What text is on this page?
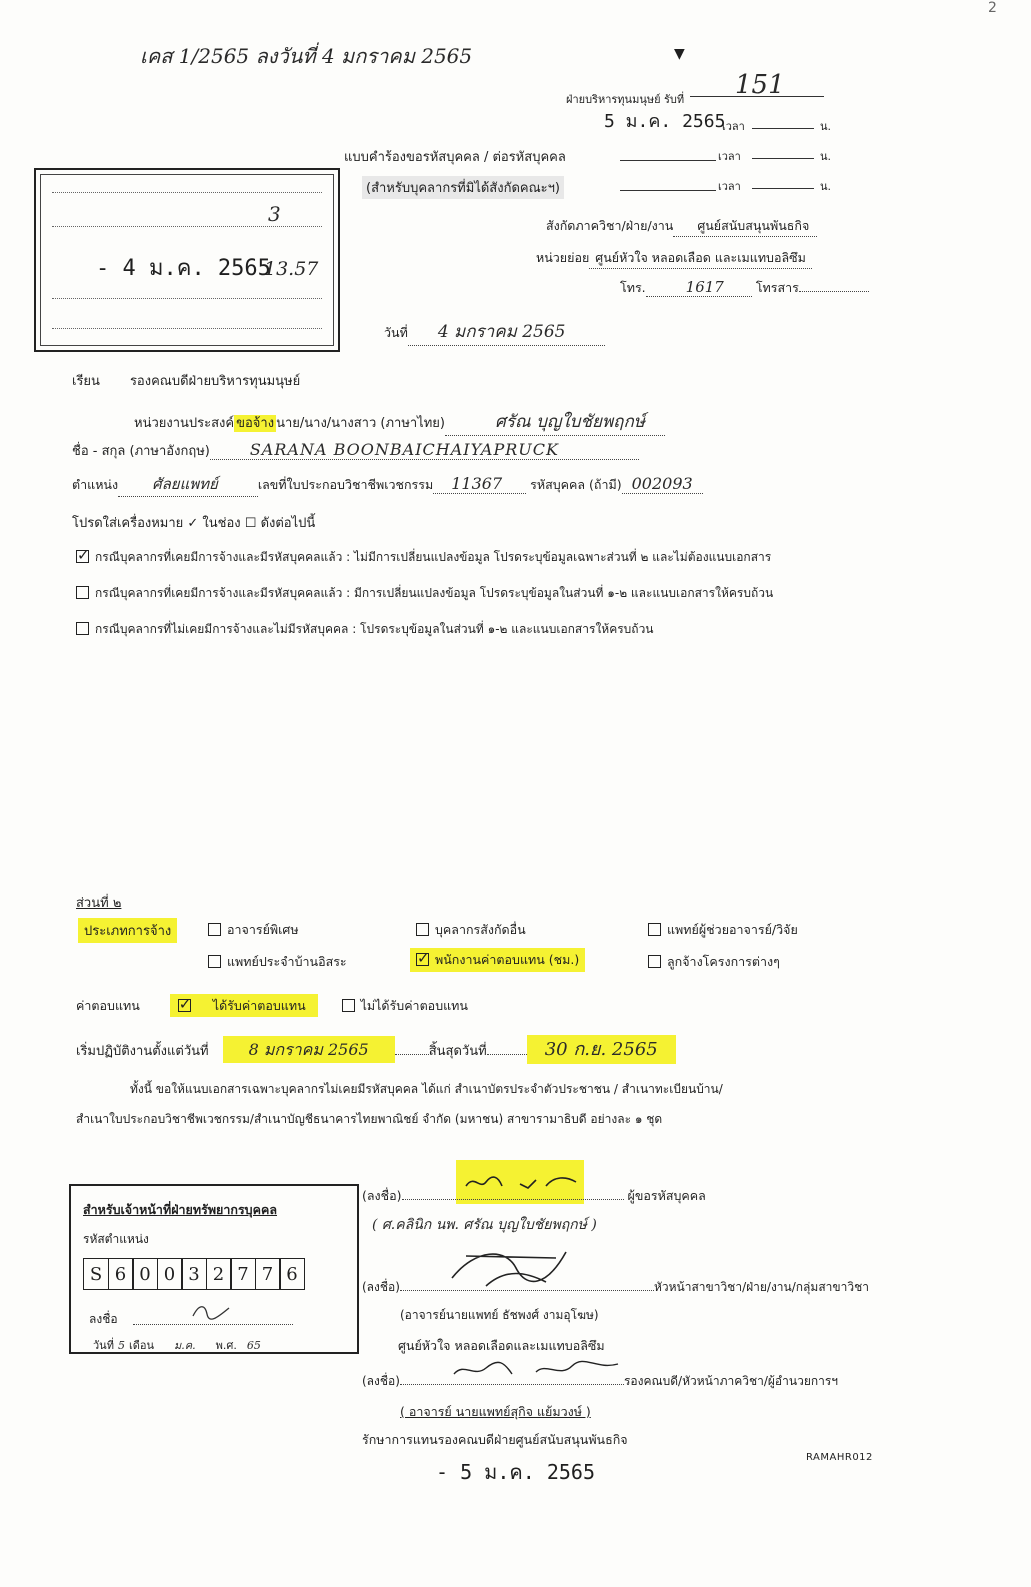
เคส 1/2565 ลงวันที่ 4 มกราคม 2565
2
▼
ฝ่ายบริหารทุนมนุษย์ รับที่ 151
5 ม.ค. 2565
เวลา	น.
แบบคำร้องขอรหัสบุคคล / ต่อรหัสบุคคล	เวลา	น.
(สำหรับบุคลากรที่มิได้สังกัดคณะฯ)	เวลา	น.
3
- 4 ม.ค. 2565
13.57
สังกัดภาควิชา/ฝ่าย/งาน ศูนย์สนับสนุนพันธกิจ
หน่วยย่อย ศูนย์หัวใจ หลอดเลือด และเมแทบอลิซึม
โทร.	1617	โทรสาร
วันที่ 4 มกราคม 2565
เรียน รองคณบดีฝ่ายบริหารทุนมนุษย์
หน่วยงานประสงค์ ขอจ้าง นาย/นาง/นางสาว (ภาษาไทย)	ศรัณ บุญใบชัยพฤกษ์
ชื่อ - สกุล (ภาษาอังกฤษ)	SARANA BOONBAICHAIYAPRUCK
ตำแหน่ง ศัลยแพทย์	เลขที่ใบประกอบวิชาชีพเวชกรรม 11367 รหัสบุคคล (ถ้ามี) 002093
โปรดใส่เครื่องหมาย ✓ ในช่อง ☐ ดังต่อไปนี้
✓กรณีบุคลากรที่เคยมีการจ้างและมีรหัสบุคคลแล้ว : ไม่มีการเปลี่ยนแปลงข้อมูล โปรดระบุข้อมูลเฉพาะส่วนที่ ๒ และไม่ต้องแนบเอกสาร
กรณีบุคลากรที่เคยมีการจ้างและมีรหัสบุคคลแล้ว : มีการเปลี่ยนแปลงข้อมูล โปรดระบุข้อมูลในส่วนที่ ๑-๒ และแนบเอกสารให้ครบถ้วน
กรณีบุคลากรที่ไม่เคยมีการจ้างและไม่มีรหัสบุคคล : โปรดระบุข้อมูลในส่วนที่ ๑-๒ และแนบเอกสารให้ครบถ้วน
ส่วนที่ ๒
ประเภทการจ้าง	อาจารย์พิเศษ	บุคลากรสังกัดอื่น	แพทย์ผู้ช่วยอาจารย์/วิจัย
แพทย์ประจำบ้านอิสระ ✓	พนักงานค่าตอบแทน (ชม.)	ลูกจ้างโครงการต่างๆ
ค่าตอบแทน ✓	ได้รับค่าตอบแทน	ไม่ได้รับค่าตอบแทน
เริ่มปฏิบัติงานตั้งแต่วันที่	8 มกราคม 2565	สิ้นสุดวันที่	30 ก.ย. 2565
ทั้งนี้ ขอให้แนบเอกสารเฉพาะบุคลากรไม่เคยมีรหัสบุคคล ได้แก่ สำเนาบัตรประจำตัวประชาชน / สำเนาทะเบียนบ้าน/
สำเนาใบประกอบวิชาชีพเวชกรรม/สำเนาบัญชีธนาคารไทยพาณิชย์ จำกัด (มหาชน) สาขารามาธิบดี อย่างละ ๑ ชุด
สำหรับเจ้าหน้าที่ฝ่ายทรัพยากรบุคคล
รหัสตำแหน่ง
S 6 0 0 3 2 7 7 6
ลงชื่อ
วันที่ 5 เดือน ม.ค. พ.ศ. 65
(ลงชื่อ)	ผู้ขอรหัสบุคคล
( ศ.คลินิก นพ. ศรัณ บุญใบชัยพฤกษ์ )
(ลงชื่อ)	หัวหน้าสาขาวิชา/ฝ่าย/งาน/กลุ่มสาขาวิชา
(อาจารย์นายแพทย์ ธัชพงศ์ งามอุโฆษ)
ศูนย์หัวใจ หลอดเลือดและเมแทบอลิซึม
(ลงชื่อ)	รองคณบดี/หัวหน้าภาควิชา/ผู้อำนวยการฯ
( อาจารย์ นายแพทย์สุกิจ แย้มวงษ์ )
รักษาการแทนรองคณบดีฝ่ายศูนย์สนับสนุนพันธกิจ
- 5 ม.ค. 2565
RAMAHR012
